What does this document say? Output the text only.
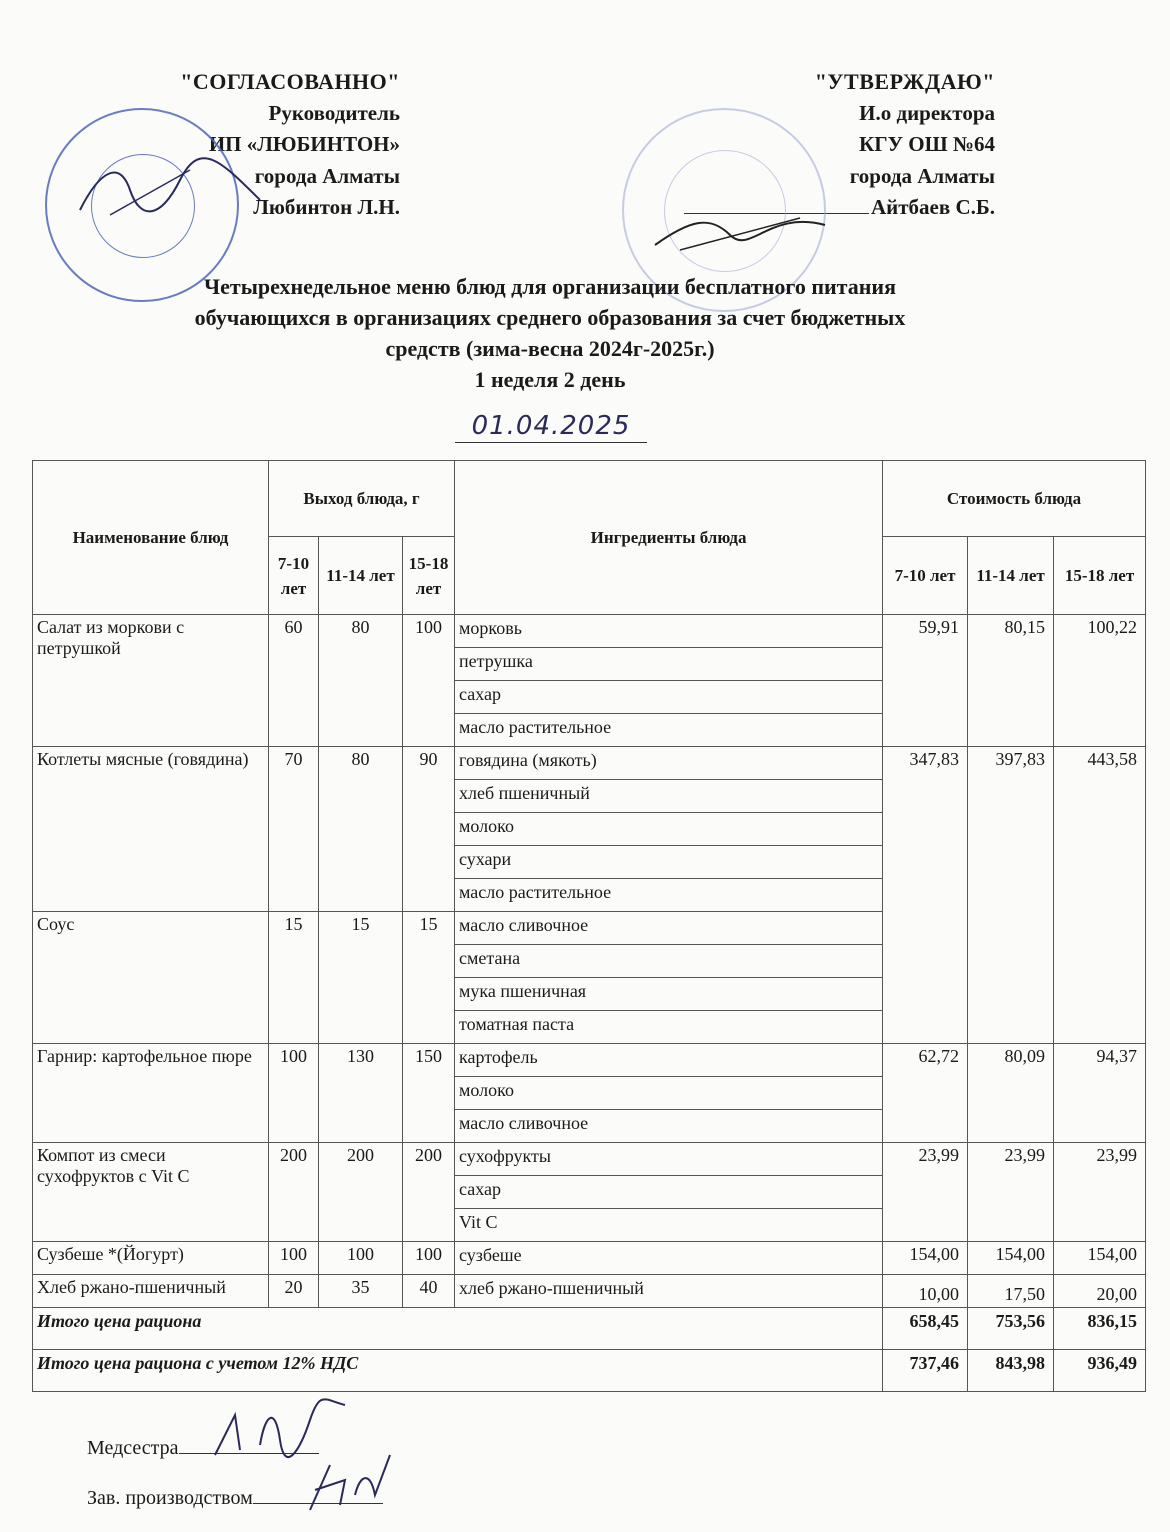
"СОГЛАСОВАННО"
Руководитель
ИП «ЛЮБИНТОН»
города Алматы
Любинтон Л.Н.
"УТВЕРЖДАЮ"
И.о директора
КГУ ОШ №64
города Алматы
Айтбаев С.Б.
Четырехнедельное меню блюд для организации бесплатного питания
обучающихся в организациях среднего образования за счет бюджетных
средств (зима-весна 2024г-2025г.)
1 неделя 2 день
01.04.2025
Наименование блюд	Выход блюда, г			Ингредиенты блюда	Стоимость блюда		
	7-10 лет	11-14 лет	15-18 лет		7-10 лет	11-14 лет	15-18 лет
Салат из моркови с петрушкой	60	80	100	морковь	59,91	80,15	100,22
				петрушка			
				сахар			
				масло растительное			
Котлеты мясные (говядина)	70	80	90	говядина (мякоть)	347,83	397,83	443,58
				хлеб пшеничный			
				молоко			
				сухари			
				масло растительное			
Соус	15	15	15	масло сливочное			
				сметана			
				мука пшеничная			
				томатная паста			
Гарнир: картофельное пюре	100	130	150	картофель	62,72	80,09	94,37
				молоко			
				масло сливочное			
Компот из смеси сухофруктов с Vit C	200	200	200	сухофрукты	23,99	23,99	23,99
				сахар			
				Vit C			
Сузбеше *(Йогурт)	100	100	100	сузбеше	154,00	154,00	154,00
Хлеб ржано-пшеничный	20	35	40	хлеб ржано-пшеничный	10,00	17,50	20,00
Итого цена рациона					658,45	753,56	836,15
Итого цена рациона с учетом 12% НДС					737,46	843,98	936,49
Медсестра
Зав. производством
